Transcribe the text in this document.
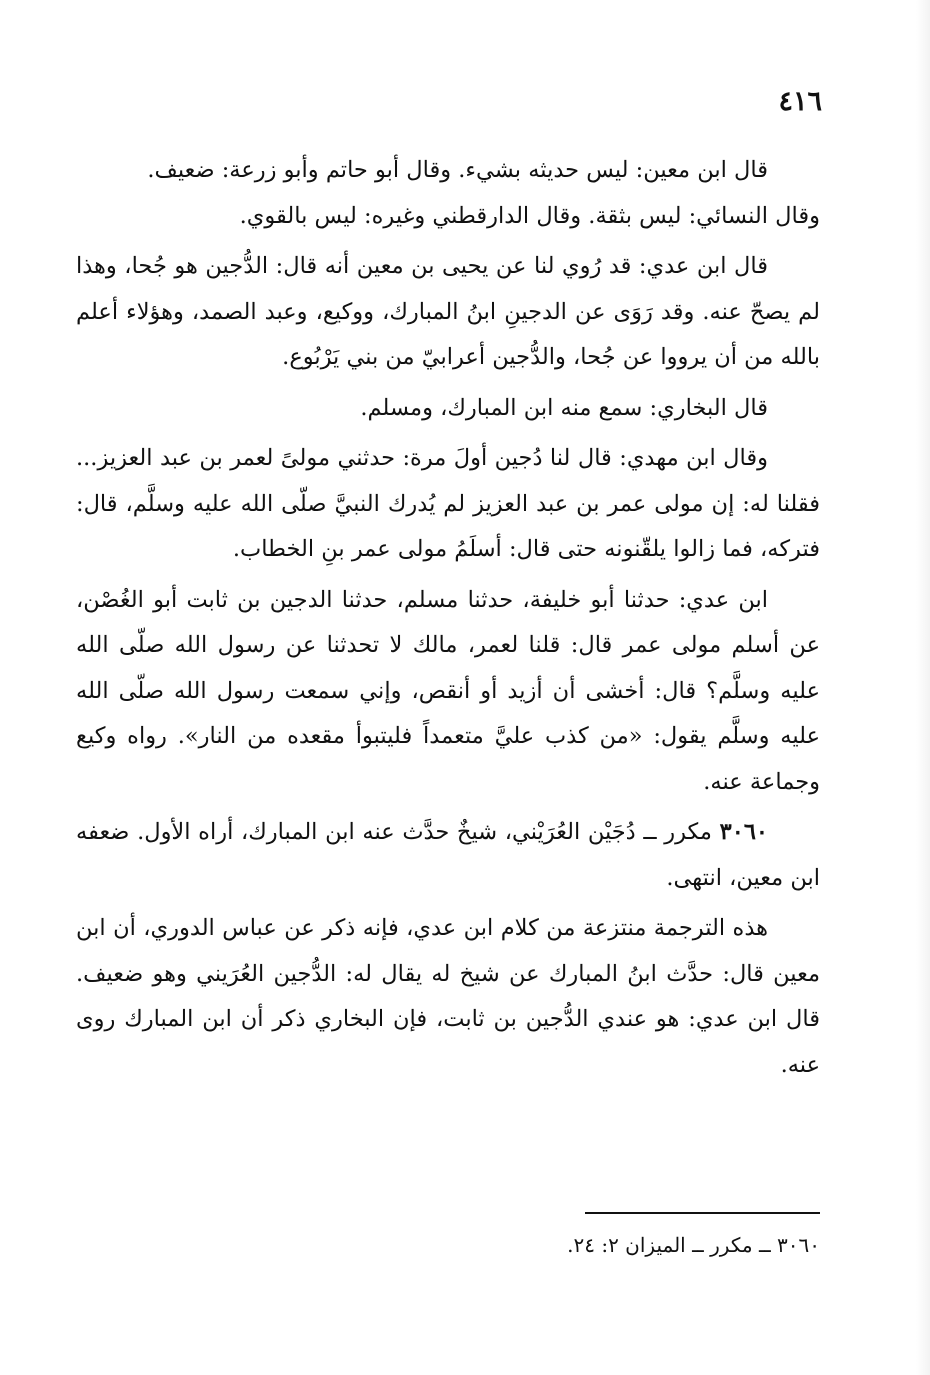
٤١٦

قال ابن معين: ليس حديثه بشيء. وقال أبو حاتم وأبو زرعة: ضعيف.
وقال النسائي: ليس بثقة. وقال الدارقطني وغيره: ليس بالقوي.

قال ابن عدي: قد رُوي لنا عن يحيى بن معين أنه قال: الدُّجين هو جُحا، وهذا لم يصحّ عنه. وقد رَوَى عن الدجينِ ابنُ المبارك، ووكيع، وعبد الصمد، وهؤلاء أعلم بالله من أن يرووا عن جُحا، والدُّجين أعرابيّ من بني يَرْبُوع.

قال البخاري: سمع منه ابن المبارك، ومسلم.

وقال ابن مهدي: قال لنا دُجين أولَ مرة: حدثني مولىً لعمر بن عبد العزيز... فقلنا له: إن مولى عمر بن عبد العزيز لم يُدرك النبيَّ صلّى الله عليه وسلَّم، قال: فتركه، فما زالوا يلقّنونه حتى قال: أسلَمُ مولى عمر بنِ الخطاب.

ابن عدي: حدثنا أبو خليفة، حدثنا مسلم، حدثنا الدجين بن ثابت أبو الغُصْن، عن أسلم مولى عمر قال: قلنا لعمر، مالك لا تحدثنا عن رسول الله صلّى الله عليه وسلَّم؟ قال: أخشى أن أزيد أو أنقص، وإني سمعت رسول الله صلّى الله عليه وسلَّم يقول: «من كذب عليَّ متعمداً فليتبوأ مقعده من النار». رواه وكيع وجماعة عنه.

٣٠٦٠ مكرر ــ دُجَيْن العُرَيْني، شيخٌ حدَّث عنه ابن المبارك، أراه الأول. ضعفه ابن معين، انتهى.

هذه الترجمة منتزعة من كلام ابن عدي، فإنه ذكر عن عباس الدوري، أن ابن معين قال: حدَّث ابنُ المبارك عن شيخ له يقال له: الدُّجين العُرَيني وهو ضعيف. قال ابن عدي: هو عندي الدُّجين بن ثابت، فإن البخاري ذكر أن ابن المبارك روى عنه.

٣٠٦٠ ــ مكرر ــ الميزان ٢: ٢٤.
